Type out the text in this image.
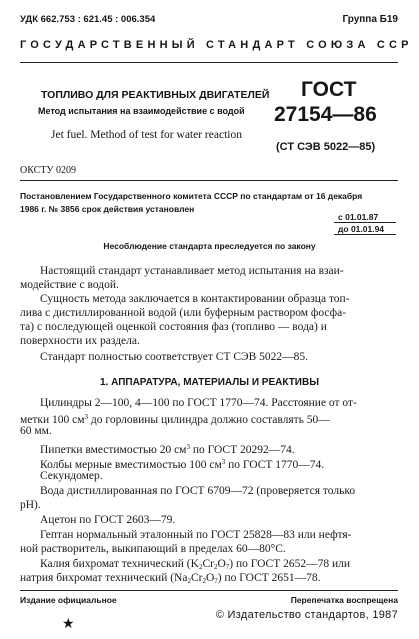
УДК 662.753 : 621.45 : 006.354	Группа Б19
ГОСУДАРСТВЕННЫЙ СТАНДАРТ СОЮЗА ССР
ТОПЛИВО ДЛЯ РЕАКТИВНЫХ ДВИГАТЕЛЕЙ
Метод испытания на взаимодействие с водой
Jet fuel. Method of test for water reaction
ГОСТ
27154—86
(СТ СЭВ 5022—85)
ОКСТУ 0209
Постановлением Государственного комитета СССР по стандартам от 16 декабря
1986 г. № 3856 срок действия установлен
с 01.01.87
до 01.01.94
Несоблюдение стандарта преследуется по закону
Настоящий стандарт устанавливает метод испытания на взаи-
модействие с водой.
Сущность метода заключается в контактировании образца топ-
лива с дистиллированной водой (или буферным раствором фосфа-
та) с последующей оценкой состояния фаз (топливо — вода) и
поверхности их раздела.
Стандарт полностью соответствует СТ СЭВ 5022—85.
1. АППАРАТУРА, МАТЕРИАЛЫ И РЕАКТИВЫ
Цилиндры 2—100, 4—100 по ГОСТ 1770—74. Расстояние от от-
метки 100 $см^3$ до горловины цилиндра должно составлять 50—
60 мм.
Пипетки вместимостью 20 $см^3$ по ГОСТ 20292—74.
Колбы мерные вместимостью 100 $см^3$ по ГОСТ 1770—74.
Секундомер.
Вода дистиллированная по ГОСТ 6709—72 (проверяется только
pH).
Ацетон по ГОСТ 2603—79.
Гептан нормальный эталонный по ГОСТ 25828—83 или нефтя-
ной растворитель, выкипающий в пределах 60—80°C.
Калия бихромат технический $(K_2Cr_2O_7)$ по ГОСТ 2652—78 или
натрия бихромат технический $(Na_2Cr_2O_7)$ по ГОСТ 2651—78.
Издание официальное	Перепечатка воспрещена
★	© Издательство стандартов, 1987
